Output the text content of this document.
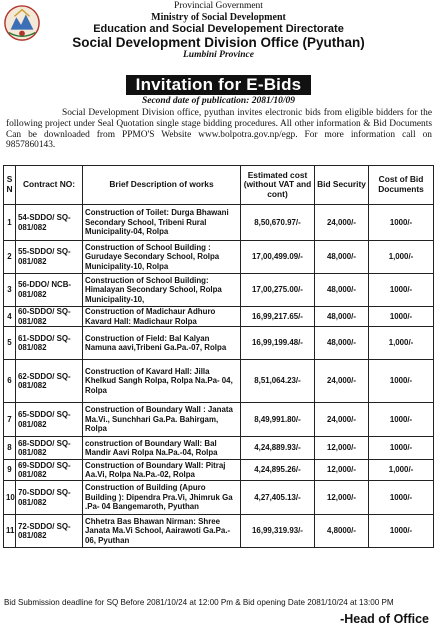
Provincial Government
Ministry of Social Development
Education and Social Developement Directorate
Social Development Division Office (Pyuthan)
Lumbini Province
Invitation for E-Bids
Second date of publication: 2081/10/09
Social Development Division office, pyuthan invites electronic bids from eligible bidders for the following project under Seal Quotation single stage bidding procedures. All other information & Bid Documents Can be downloaded from PPMO'S Website www.bolpotra.gov.np/egp. For more information call on 9857860143.
S N	Contract NO:	Brief Description of works	Estimated cost (without VAT and cont)	Bid Security	Cost of Bid Documents
1	54-SDDO/ SQ-081/082	Construction of Toilet: Durga Bhawani Secondary School, Tribeni Rural Municipality-04, Rolpa	8,50,670.97/-	24,000/-	1000/-
2	55-SDDO/ SQ-081/082	Construction of School Building : Gurudaye Secondary School, Rolpa Municipality-10, Rolpa	17,00,499.09/-	48,000/-	1,000/-
3	56-DDO/ NCB-081/082	Construction of School Building: Himalayan Secondary School, Rolpa Municipality-10,	17,00,275.00/-	48,000/-	1000/-
4	60-SDDO/ SQ-081/082	Construction of Madichaur Adhuro Kavard Hall: Madichaur Rolpa	16,99,217.65/-	48,000/-	1000/-
5	61-SDDO/ SQ-081/082	Construction of Field: Bal Kalyan Namuna aavi,Tribeni Ga.Pa.-07, Rolpa	16,99,199.48/-	48,000/-	1,000/-
6	62-SDDO/ SQ-081/082	Construction of Kavard Hall: Jilla Khelkud Sangh Rolpa, Rolpa Na.Pa- 04, Rolpa	8,51,064.23/-	24,000/-	1000/-
7	65-SDDO/ SQ-081/082	Construction of Boundary Wall : Janata Ma.Vi., Sunchhari Ga.Pa. Bahirgam, Rolpa	8,49,991.80/-	24,000/-	1000/-
8	68-SDDO/ SQ-081/082	construction of Boundary Wall: Bal Mandir Aavi Rolpa Na.Pa.-04, Rolpa	4,24,889.93/-	12,000/-	1000/-
9	69-SDDO/ SQ-081/082	Construction of Boundary Wall: Pitraj Aa.Vi, Rolpa Na.Pa.-02, Rolpa	4,24,895.26/-	12,000/-	1,000/-
10	70-SDDO/ SQ-081/082	Construction of Building (Apuro Building ): Dipendra Pra.Vi, Jhimruk Ga .Pa- 04 Bangemaroth, Pyuthan	4,27,405.13/-	12,000/-	1000/-
11	72-SDDO/ SQ-081/082	Chhetra Bas Bhawan Nirman: Shree Janata Ma.Vi School, Aairawoti Ga.Pa.- 06, Pyuthan	16,99,319.93/-	4,8000/-	1000/-
Bid Submission deadline for SQ Before 2081/10/24 at 12:00 Pm & Bid opening Date 2081/10/24 at 13:00 PM
-Head of Office
